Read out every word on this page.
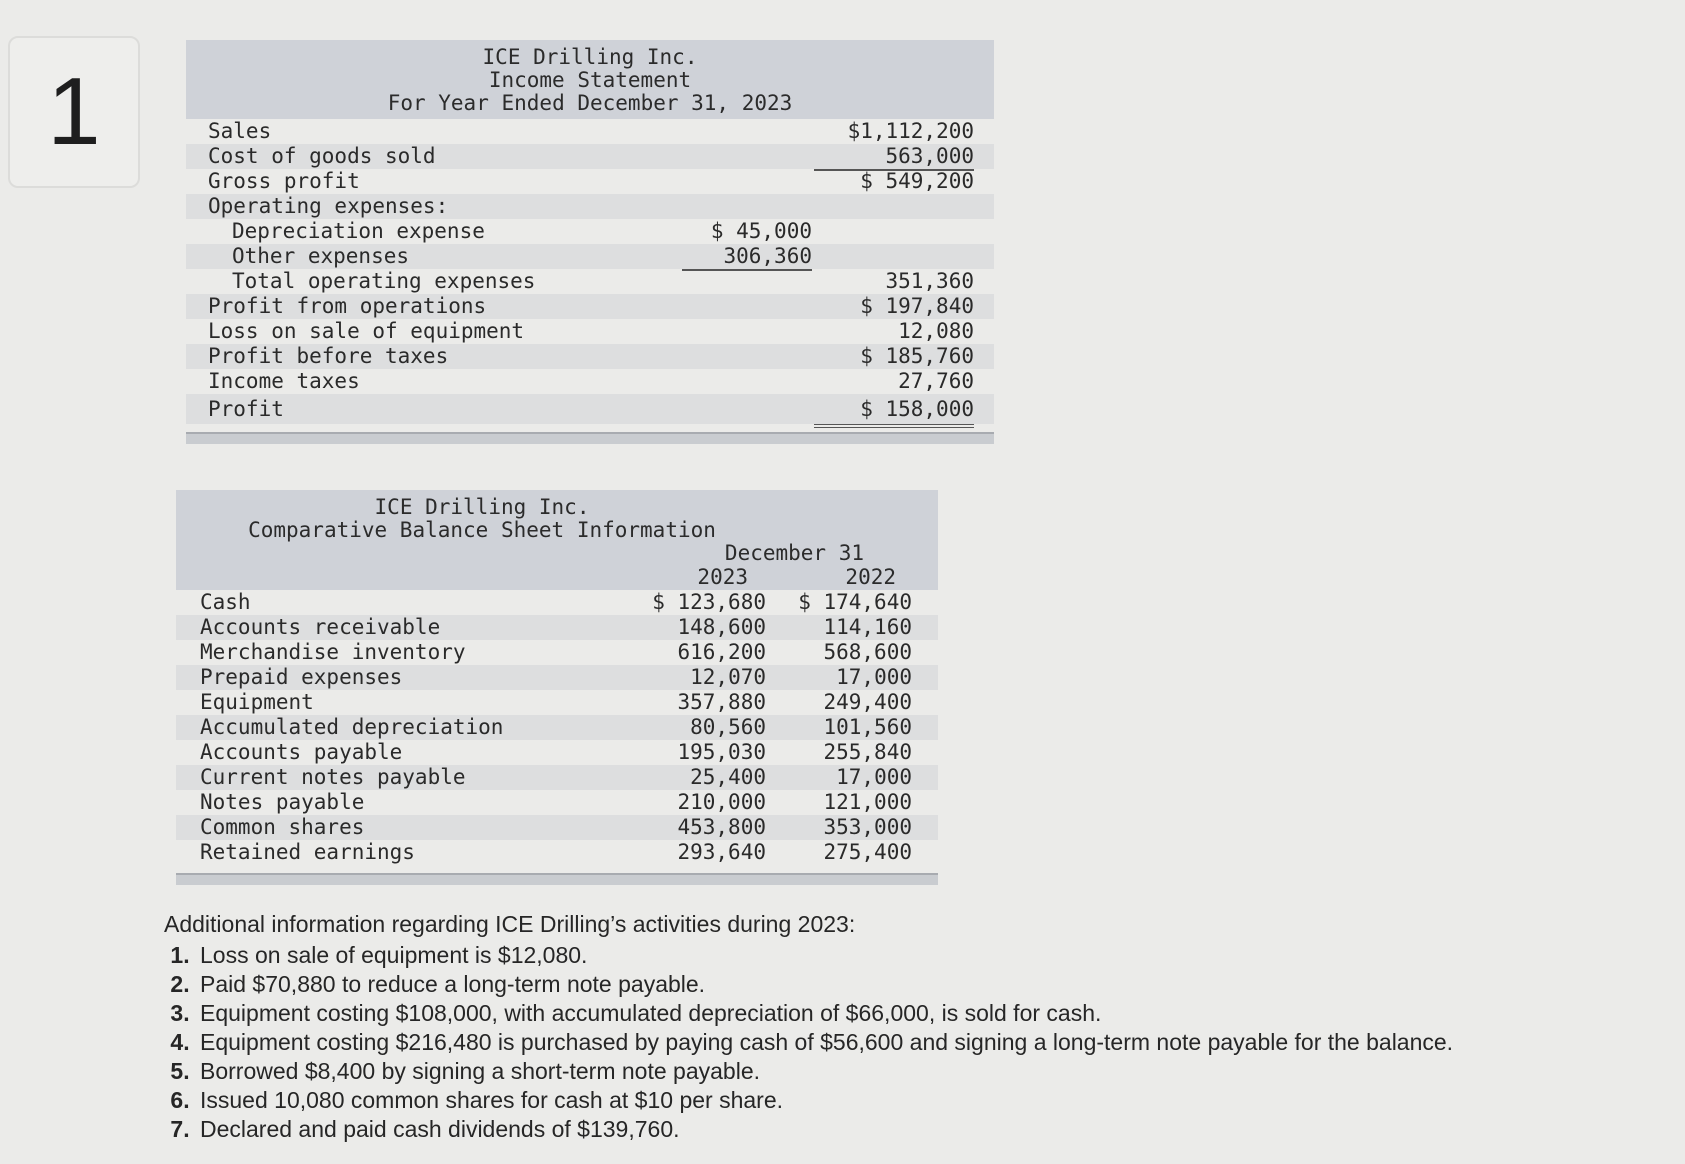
1
ICE Drilling Inc.
Income Statement
For Year Ended December 31, 2023
Sales	$1,112,200
Cost of goods sold	563,000
Gross profit	$ 549,200
Operating expenses:
Depreciation expense	$ 45,000
Other expenses	306,360
Total operating expenses	351,360
Profit from operations	$ 197,840
Loss on sale of equipment	12,080
Profit before taxes	$ 185,760
Income taxes	27,760
Profit	$ 158,000
ICE Drilling Inc.
Comparative Balance Sheet Information
December 31
2023	2022
Cash	$ 123,680	$ 174,640
Accounts receivable	148,600	114,160
Merchandise inventory	616,200	568,600
Prepaid expenses	12,070	17,000
Equipment	357,880	249,400
Accumulated depreciation	80,560	101,560
Accounts payable	195,030	255,840
Current notes payable	25,400	17,000
Notes payable	210,000	121,000
Common shares	453,800	353,000
Retained earnings	293,640	275,400
Additional information regarding ICE Drilling’s activities during 2023:
1. Loss on sale of equipment is $12,080.
2. Paid $70,880 to reduce a long-term note payable.
3. Equipment costing $108,000, with accumulated depreciation of $66,000, is sold for cash.
4. Equipment costing $216,480 is purchased by paying cash of $56,600 and signing a long-term note payable for the balance.
5. Borrowed $8,400 by signing a short-term note payable.
6. Issued 10,080 common shares for cash at $10 per share.
7. Declared and paid cash dividends of $139,760.
